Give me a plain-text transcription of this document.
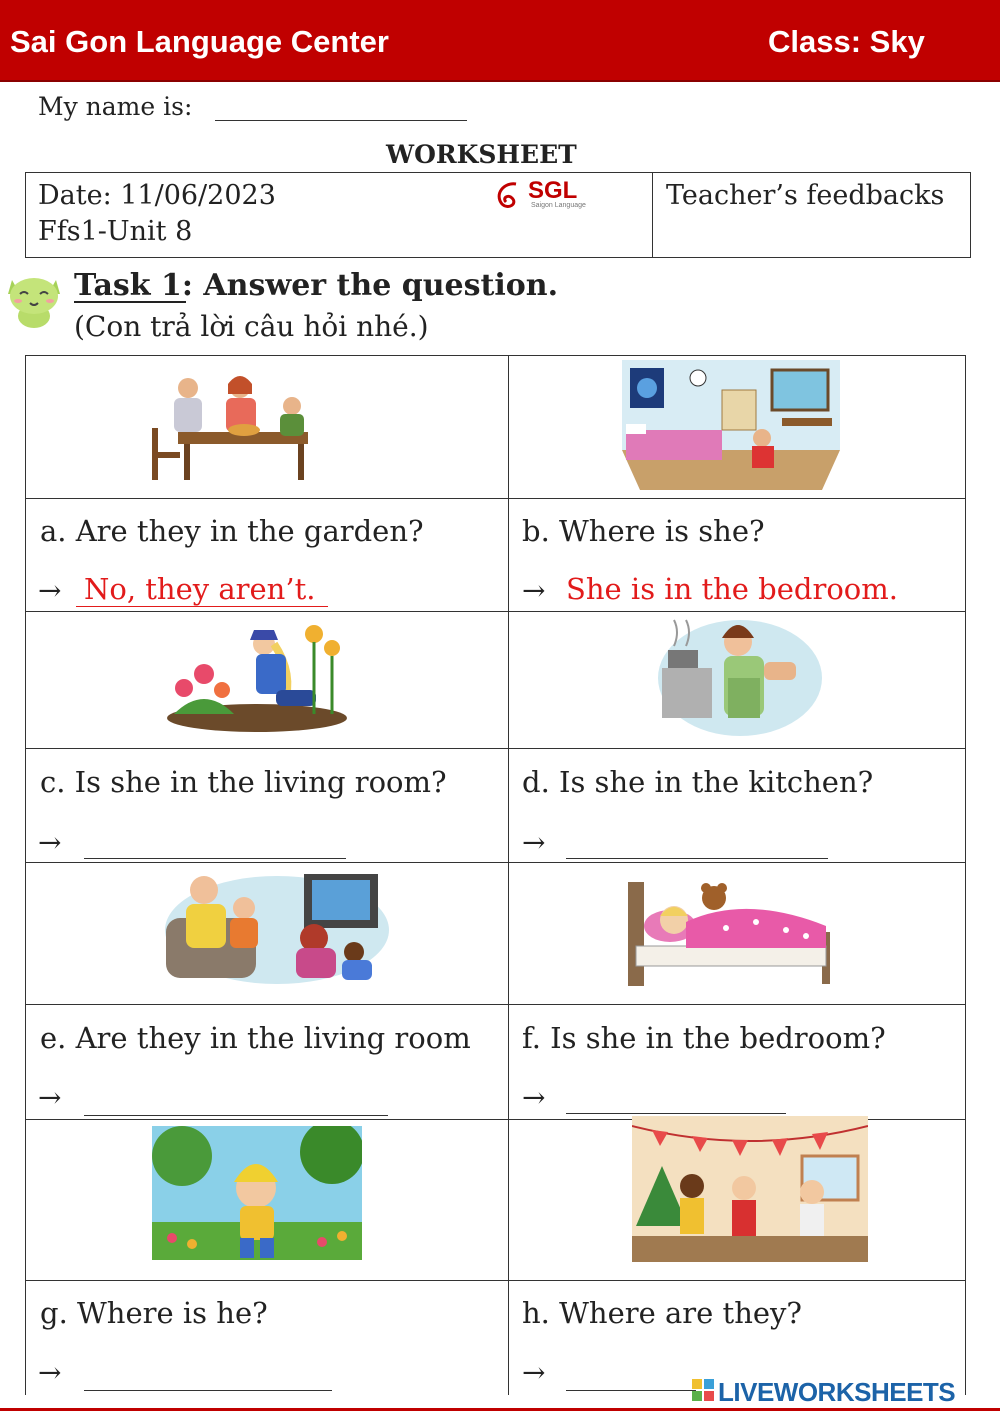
Sai Gon Language Center	Class: Sky
My name is:
WORKSHEET
Date: 11/06/2023
Ffs1-Unit 8
Teacher’s feedbacks
SGL
Saigon Language
Task 1: Answer the question.
(Con trả lời câu hỏi nhé.)
a. Are they in the garden?
→ No, they aren’t.
b. Where is she?
→ She is in the bedroom.
c. Is she in the living room?
→
d. Is she in the kitchen?
→
e. Are they in the living room
→
f. Is she in the bedroom?
→
g. Where is he?
→
h. Where are they?
→
LIVEWORKSHEETS
